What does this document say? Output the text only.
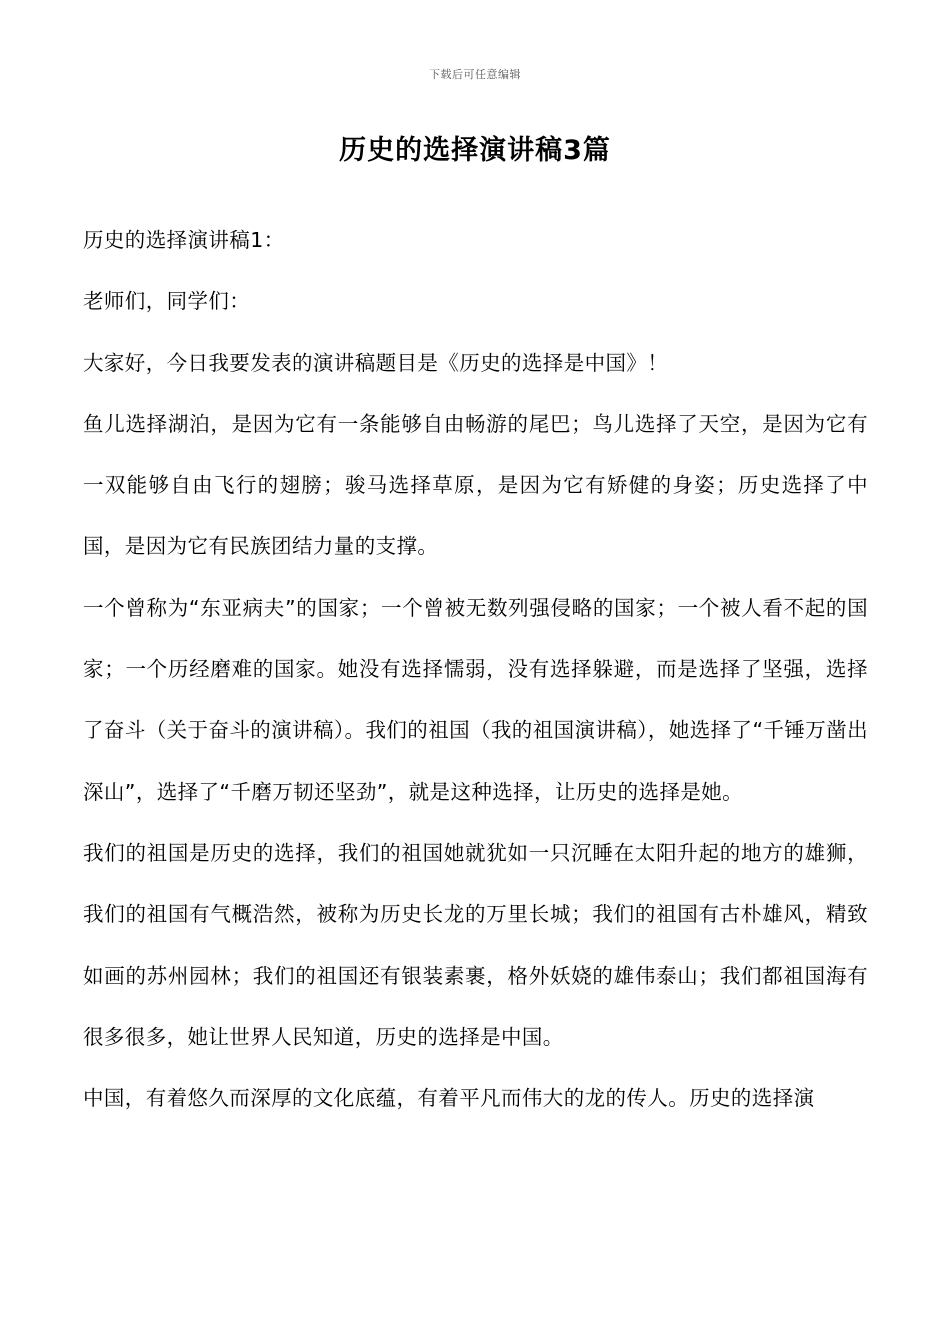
下载后可任意编辑
历史的选择演讲稿3篇

历史的选择演讲稿1：

老师们，同学们：

大家好，今日我要发表的演讲稿题目是《历史的选择是中国》！

鱼儿选择湖泊，是因为它有一条能够自由畅游的尾巴；鸟儿选择了天空，是因为它有一双能够自由飞行的翅膀；骏马选择草原，是因为它有矫健的身姿；历史选择了中国，是因为它有民族团结力量的支撑。

一个曾称为“东亚病夫”的国家；一个曾被无数列强侵略的国家；一个被人看不起的国家；一个历经磨难的国家。她没有选择懦弱，没有选择躲避，而是选择了坚强，选择了奋斗（关于奋斗的演讲稿）。我们的祖国（我的祖国演讲稿），她选择了“千锤万凿出深山”，选择了“千磨万韧还坚劲”，就是这种选择，让历史的选择是她。

我们的祖国是历史的选择，我们的祖国她就犹如一只沉睡在太阳升起的地方的雄狮，我们的祖国有气概浩然，被称为历史长龙的万里长城；我们的祖国有古朴雄风，精致如画的苏州园林；我们的祖国还有银装素裹，格外妖娆的雄伟泰山；我们都祖国海有很多很多，她让世界人民知道，历史的选择是中国。

中国，有着悠久而深厚的文化底蕴，有着平凡而伟大的龙的传人。历史的选择演
